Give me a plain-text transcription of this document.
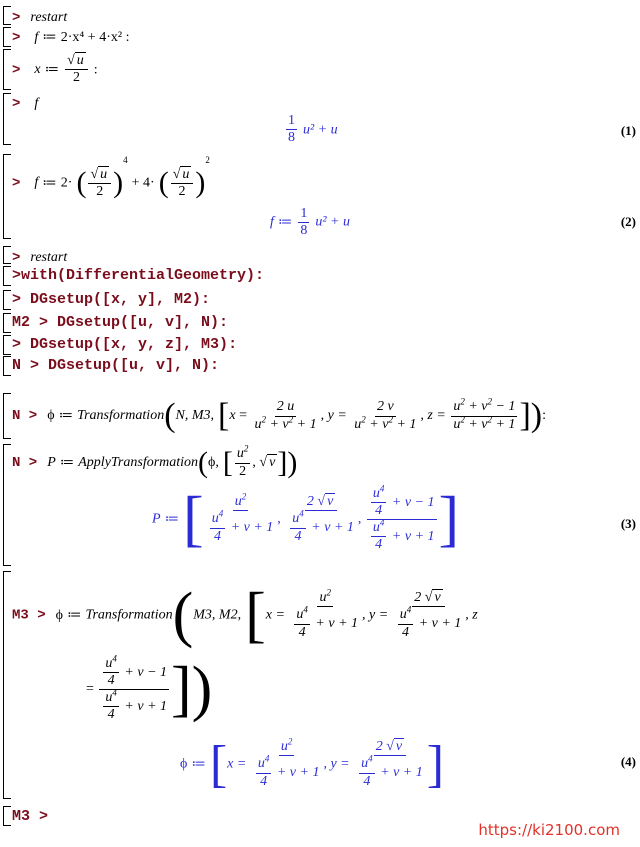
> restart
> f ≔ 2·x⁴ + 4·x² :
> x ≔ $\frac{√ u}{2}$ :
> f
$\frac{1}{8} u^2 + u$	(1)
> f ≔ 2· ( $\frac{√ u}{2} )^4 + 4\cdot$ ( $\frac{√ u}{2} )^2$
f ≔ $\frac{1}{8} u^2 + u$	(2)
> restart
>with(DifferentialGeometry):
> DGsetup([x, y], M2):
M2 > DGsetup([u, v], N):
> DGsetup([x, y, z], M3):
N > DGsetup([u, v], N):
N > ϕ ≔ Transformation(N, M3, [$x = \frac{2 u}{u^2 + v^2 + 1}$ , $y = \frac{2 v}{u^2 + v^2 + 1}$ , $z = \frac{u^2 + v^2 - 1}{u^2 + v^2 + 1}$ ]):
N > P ≔ ApplyTransformation(ϕ, [ $\frac{u^2}{2}$ , √ v])
P ≔ [ $\frac{u^2}{\frac{u^4}{4} + v + 1}$ , $\frac{2 √ v}{\frac{u^4}{4} + v + 1}$ , $\frac{\frac{u^4}{4} + v - 1}{\frac{u^4}{4} + v + 1}$ ]	(3)
M3 > ϕ ≔ Transformation(M3, M2, [$x = \frac{u^2}{\frac{u^4}{4} + v + 1}$ , $y = \frac{2 √ v}{\frac{u^4}{4} + v + 1}$ , z
= $\frac{\frac{u^4}{4} + v - 1}{\frac{u^4}{4} + v + 1}$ ])
ϕ ≔ [$x = \frac{u^2}{\frac{u^4}{4} + v + 1}$ , $y = \frac{2 √ v}{\frac{u^4}{4} + v + 1}$ ]	(4)
M3 >
https://ki2100.com
